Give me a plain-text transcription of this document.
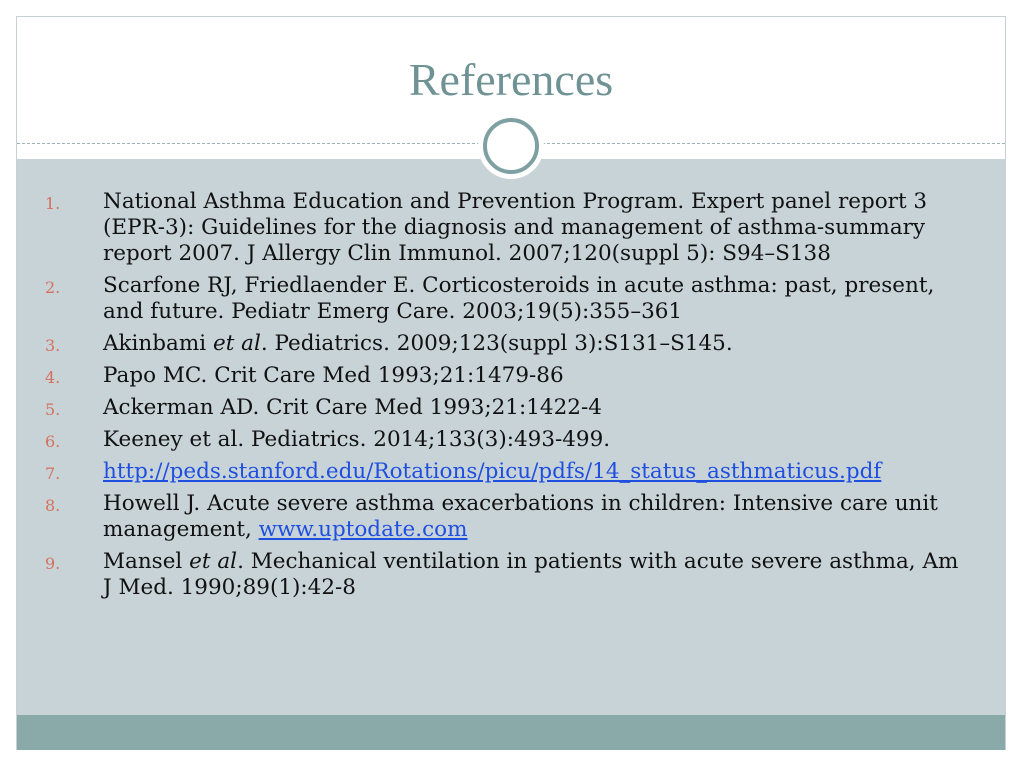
References
1. National Asthma Education and Prevention Program. Expert panel report 3 (EPR-3): Guidelines for the diagnosis and management of asthma-summary report 2007. J Allergy Clin Immunol. 2007;120(suppl 5): S94–S138
2. Scarfone RJ, Friedlaender E. Corticosteroids in acute asthma: past, present, and future. Pediatr Emerg Care. 2003;19(5):355–361
3. Akinbami et al. Pediatrics. 2009;123(suppl 3):S131–S145.
4. Papo MC. Crit Care Med 1993;21:1479-86
5. Ackerman AD. Crit Care Med 1993;21:1422-4
6. Keeney et al. Pediatrics. 2014;133(3):493-499.
7. http://peds.stanford.edu/Rotations/picu/pdfs/14_status_asthmaticus.pdf
8. Howell J. Acute severe asthma exacerbations in children: Intensive care unit management, www.uptodate.com
9. Mansel et al. Mechanical ventilation in patients with acute severe asthma, Am J Med. 1990;89(1):42-8
